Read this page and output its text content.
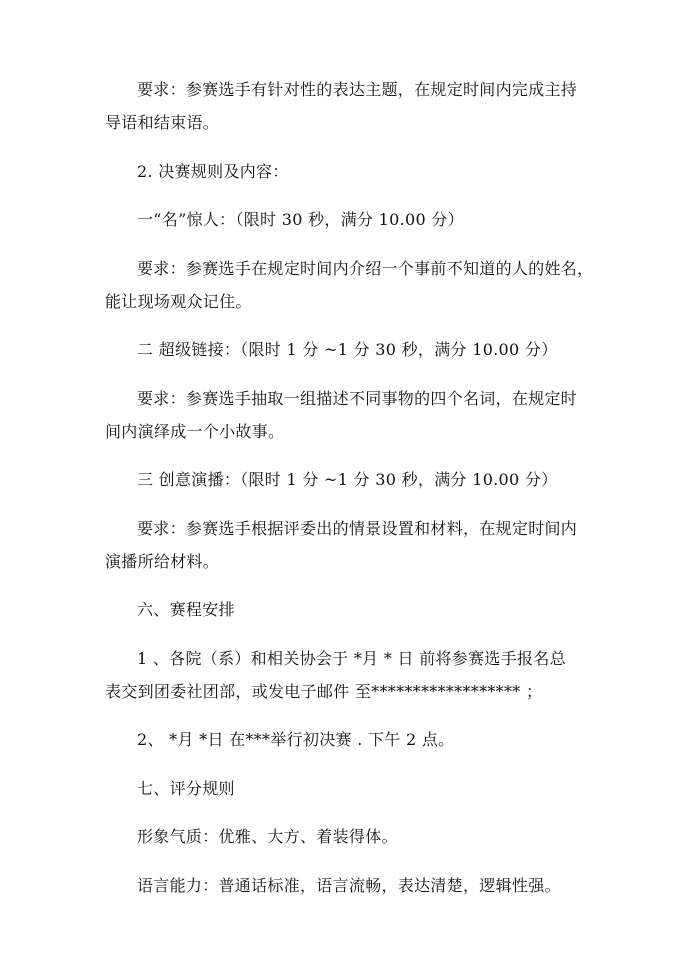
要求：参赛选手有针对性的表达主题，在规定时间内完成主持
导语和结束语。
2. 决赛规则及内容：
一“名”惊人：（限时 30 秒，满分 10.00 分）
要求：参赛选手在规定时间内介绍一个事前不知道的人的姓名，
能让现场观众记住。
二 超级链接：（限时 1 分 ~1 分 30 秒，满分 10.00 分）
要求：参赛选手抽取一组描述不同事物的四个名词，在规定时
间内演绎成一个小故事。
三 创意演播：（限时 1 分 ~1 分 30 秒，满分 10.00 分）
要求：参赛选手根据评委出的情景设置和材料，在规定时间内
演播所给材料。
六、赛程安排
1 、各院（系）和相关协会于 *月 * 日 前将参赛选手报名总
表交到团委社团部，或发电子邮件 至****************** ；
2、 *月 *日 在***举行初决赛 . 下午 2 点。
七、评分规则
形象气质：优雅、大方、着装得体。
语言能力：普通话标准，语言流畅，表达清楚，逻辑性强。
